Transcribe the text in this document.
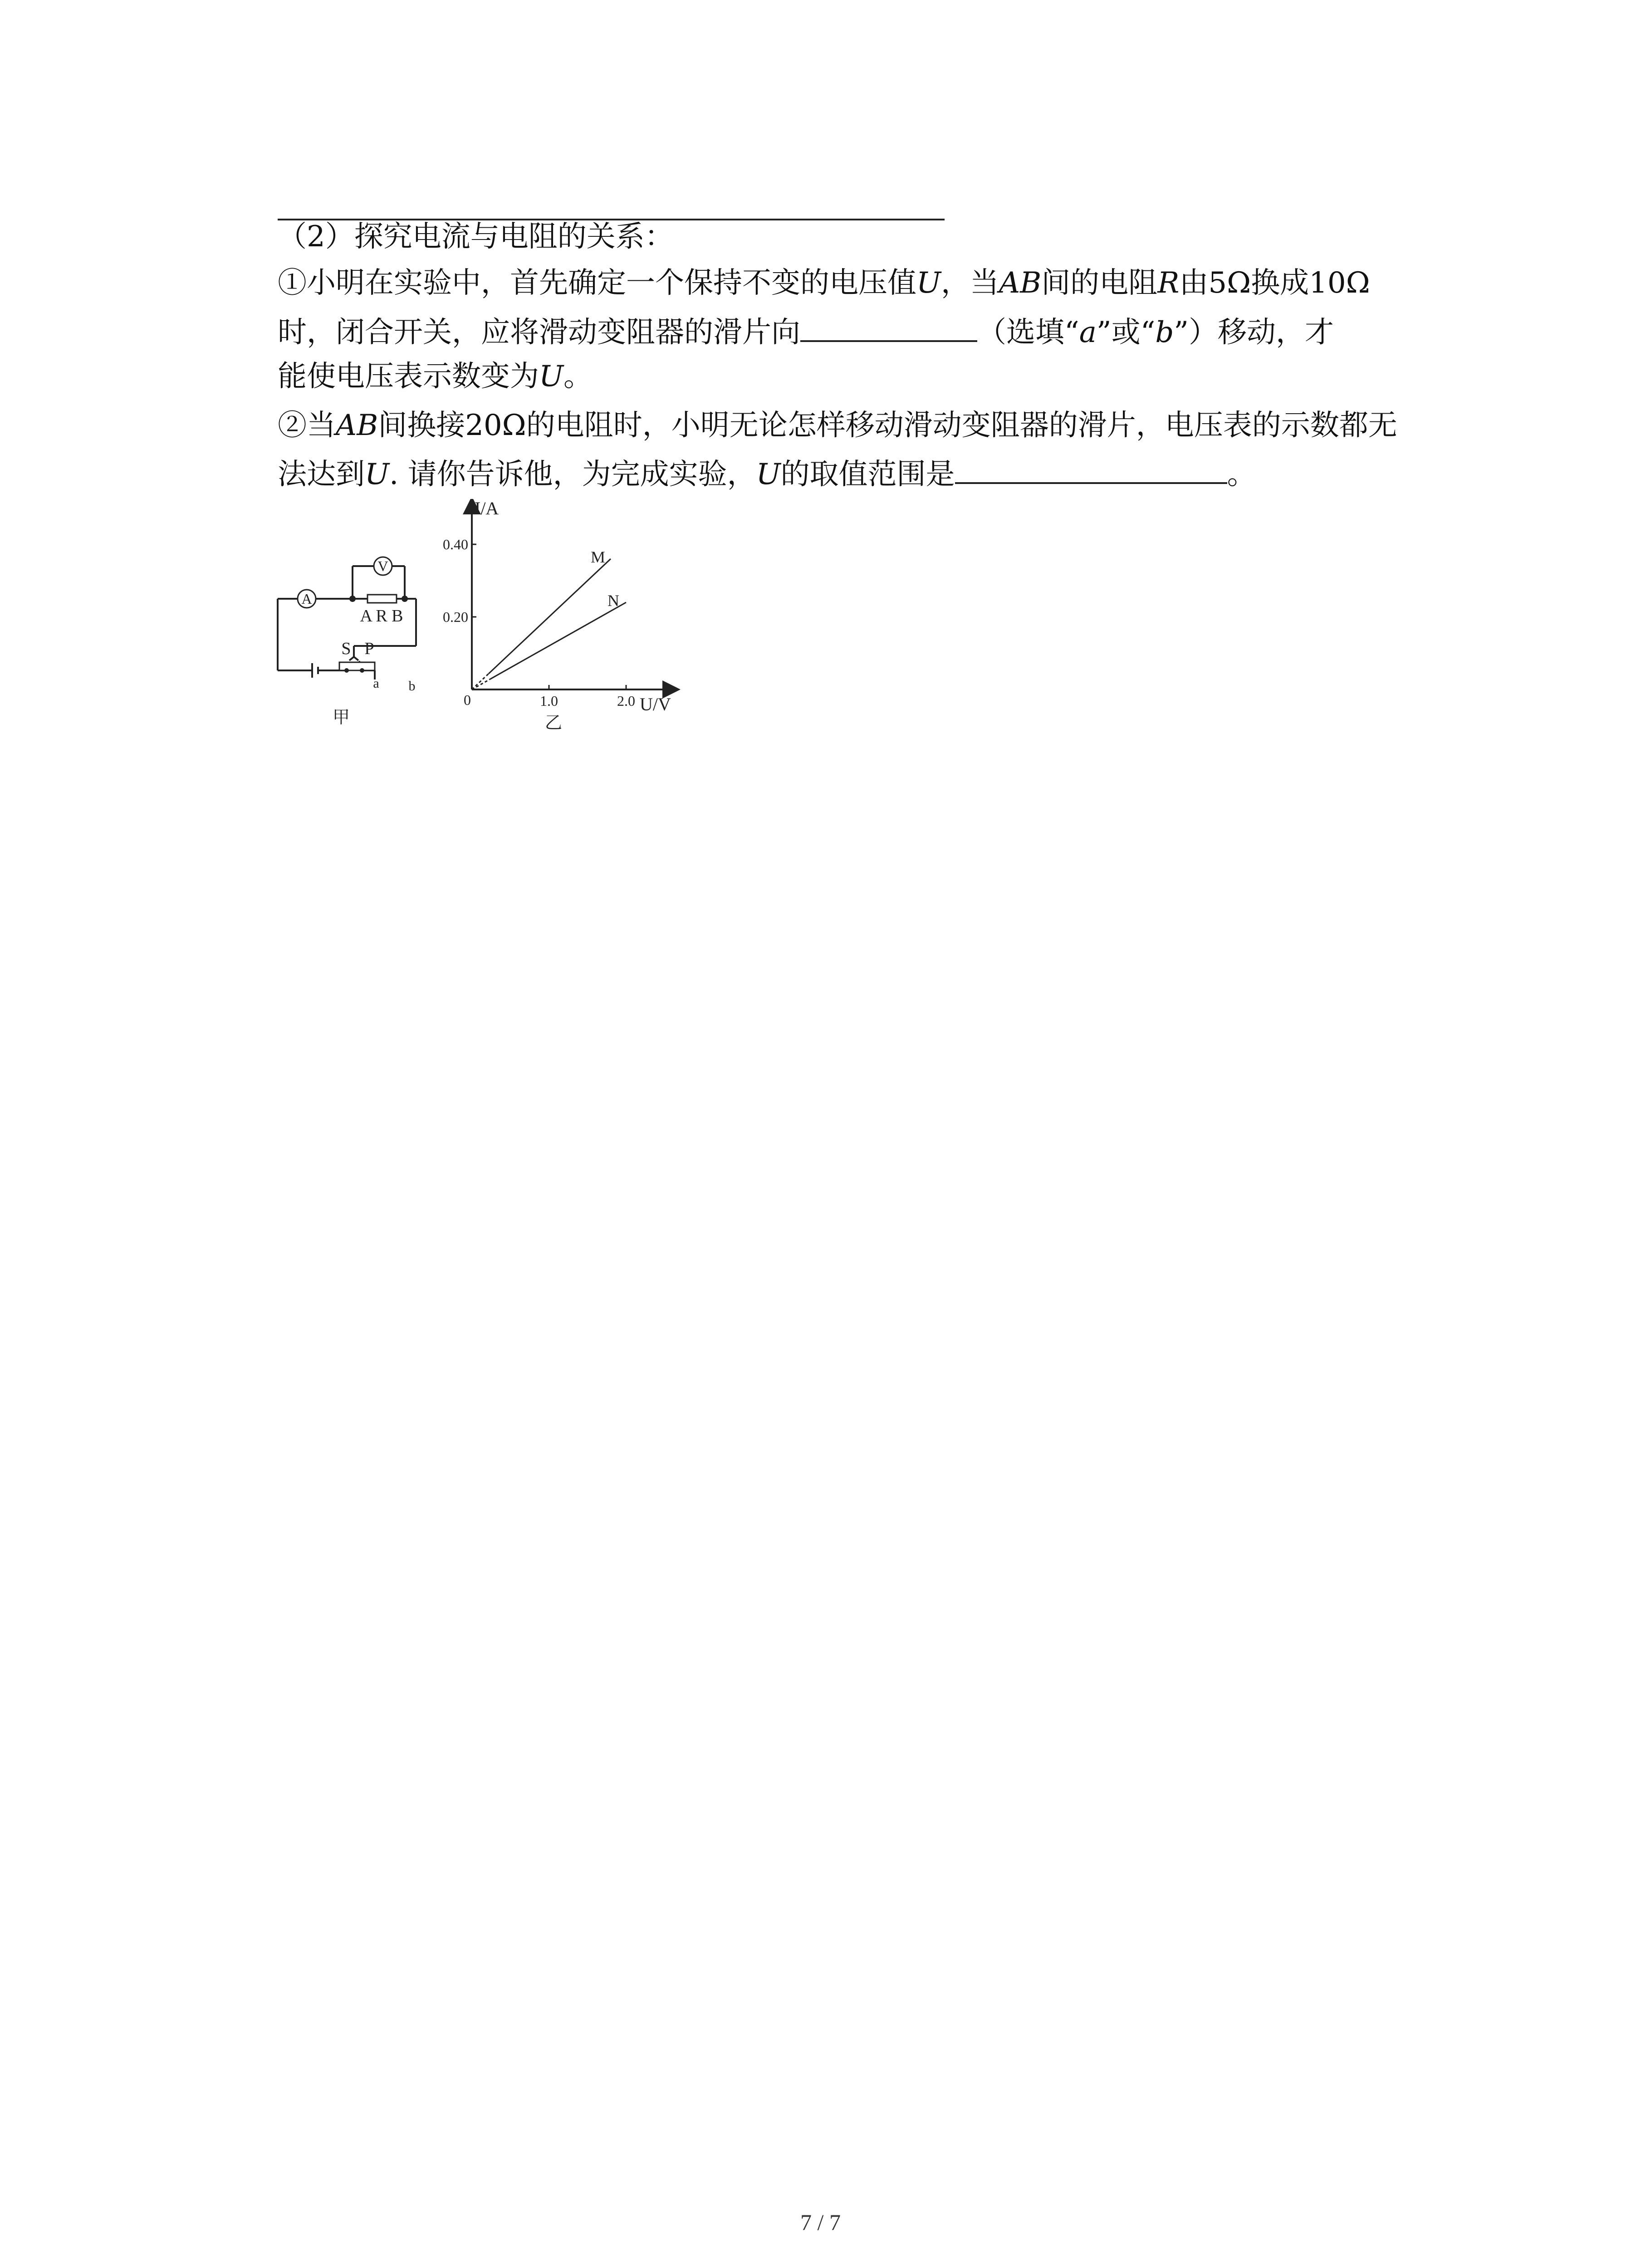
（2）探究电流与电阻的关系：
①小明在实验中，首先确定一个保持不变的电压值U，当AB间的电阻R由5Ω换成10Ω
时，闭合开关，应将滑动变阻器的滑片向	（选填“a”或“b”）移动，才
能使电压表示数变为U。
②当AB间换接20Ω的电阻时，小明无论怎样移动滑动变阻器的滑片，电压表的示数都无
法达到U. 请你告诉他，为完成实验，U的取值范围是	。
A
V
A R B
S P
a b
甲
M
N
1.0	2.0
0.20
0.40
I/A
U/V
0
乙
7 / 7
